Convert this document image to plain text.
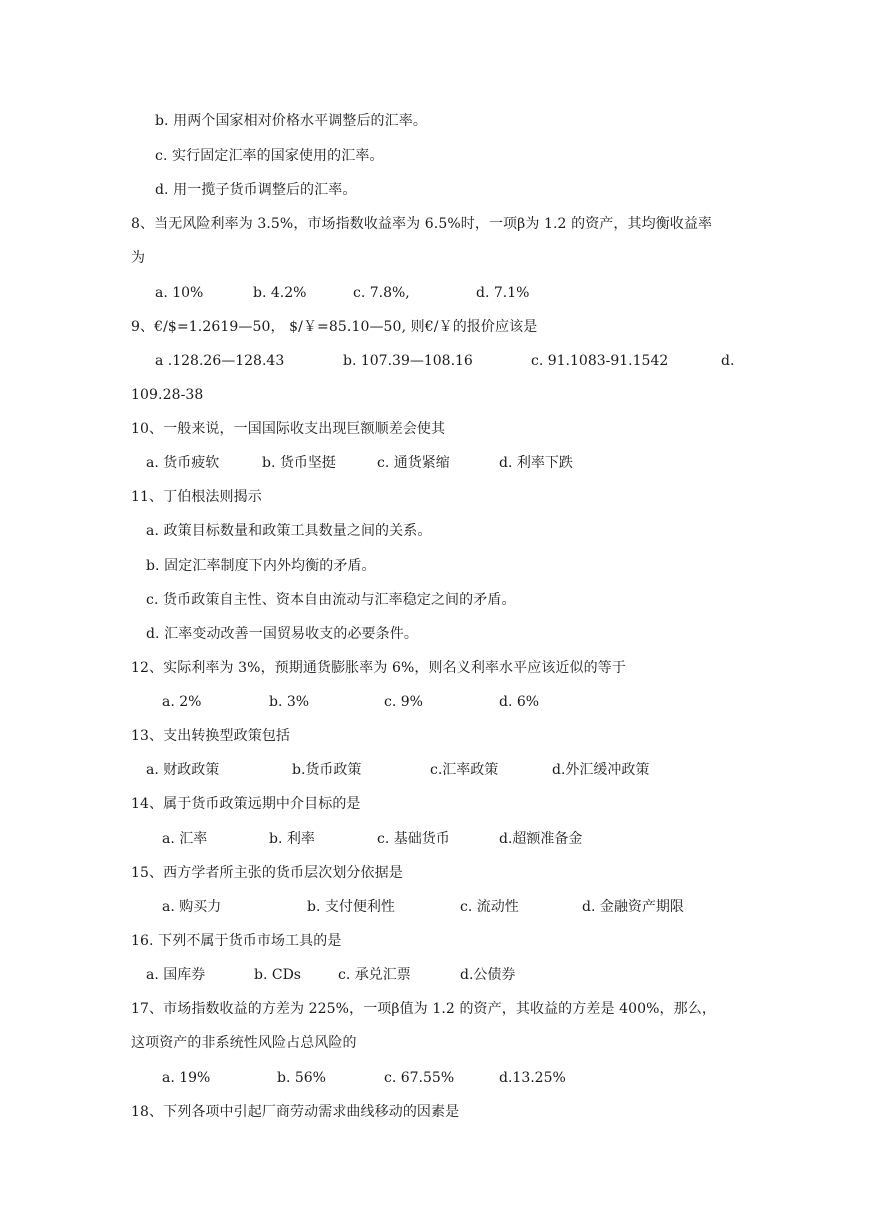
b. 用两个国家相对价格水平调整后的汇率。
c. 实行固定汇率的国家使用的汇率。
d. 用一揽子货币调整后的汇率。
8、当无风险利率为 3.5%，市场指数收益率为 6.5%时，一项β为 1.2 的资产，其均衡收益率
为
a. 10%	b. 4.2%	c. 7.8%,	d. 7.1%
9、€/$=1.2619—50， $/￥=85.10—50, 则€/￥的报价应该是
a .128.26—128.43	b. 107.39—108.16	c. 91.1083-91.1542	d.
109.28-38
10、一般来说，一国国际收支出现巨额顺差会使其
a. 货币疲软	b. 货币坚挺	c. 通货紧缩	d. 利率下跌
11、丁伯根法则揭示
a. 政策目标数量和政策工具数量之间的关系。
b. 固定汇率制度下内外均衡的矛盾。
c. 货币政策自主性、资本自由流动与汇率稳定之间的矛盾。
d. 汇率变动改善一国贸易收支的必要条件。
12、实际利率为 3%，预期通货膨胀率为 6%，则名义利率水平应该近似的等于
a. 2%	b. 3%	c. 9%	d. 6%
13、支出转换型政策包括
a. 财政政策	b.货币政策	c.汇率政策	d.外汇缓冲政策
14、属于货币政策远期中介目标的是
a. 汇率	b. 利率	c. 基础货币	d.超额准备金
15、西方学者所主张的货币层次划分依据是
a. 购买力	b. 支付便利性	c. 流动性	d. 金融资产期限
16. 下列不属于货币市场工具的是
a. 国库券	b. CDs	c. 承兑汇票	d.公债券
17、市场指数收益的方差为 225%，一项β值为 1.2 的资产，其收益的方差是 400%，那么，
这项资产的非系统性风险占总风险的
a. 19%	b. 56%	c. 67.55%	d.13.25%
18、下列各项中引起厂商劳动需求曲线移动的因素是
